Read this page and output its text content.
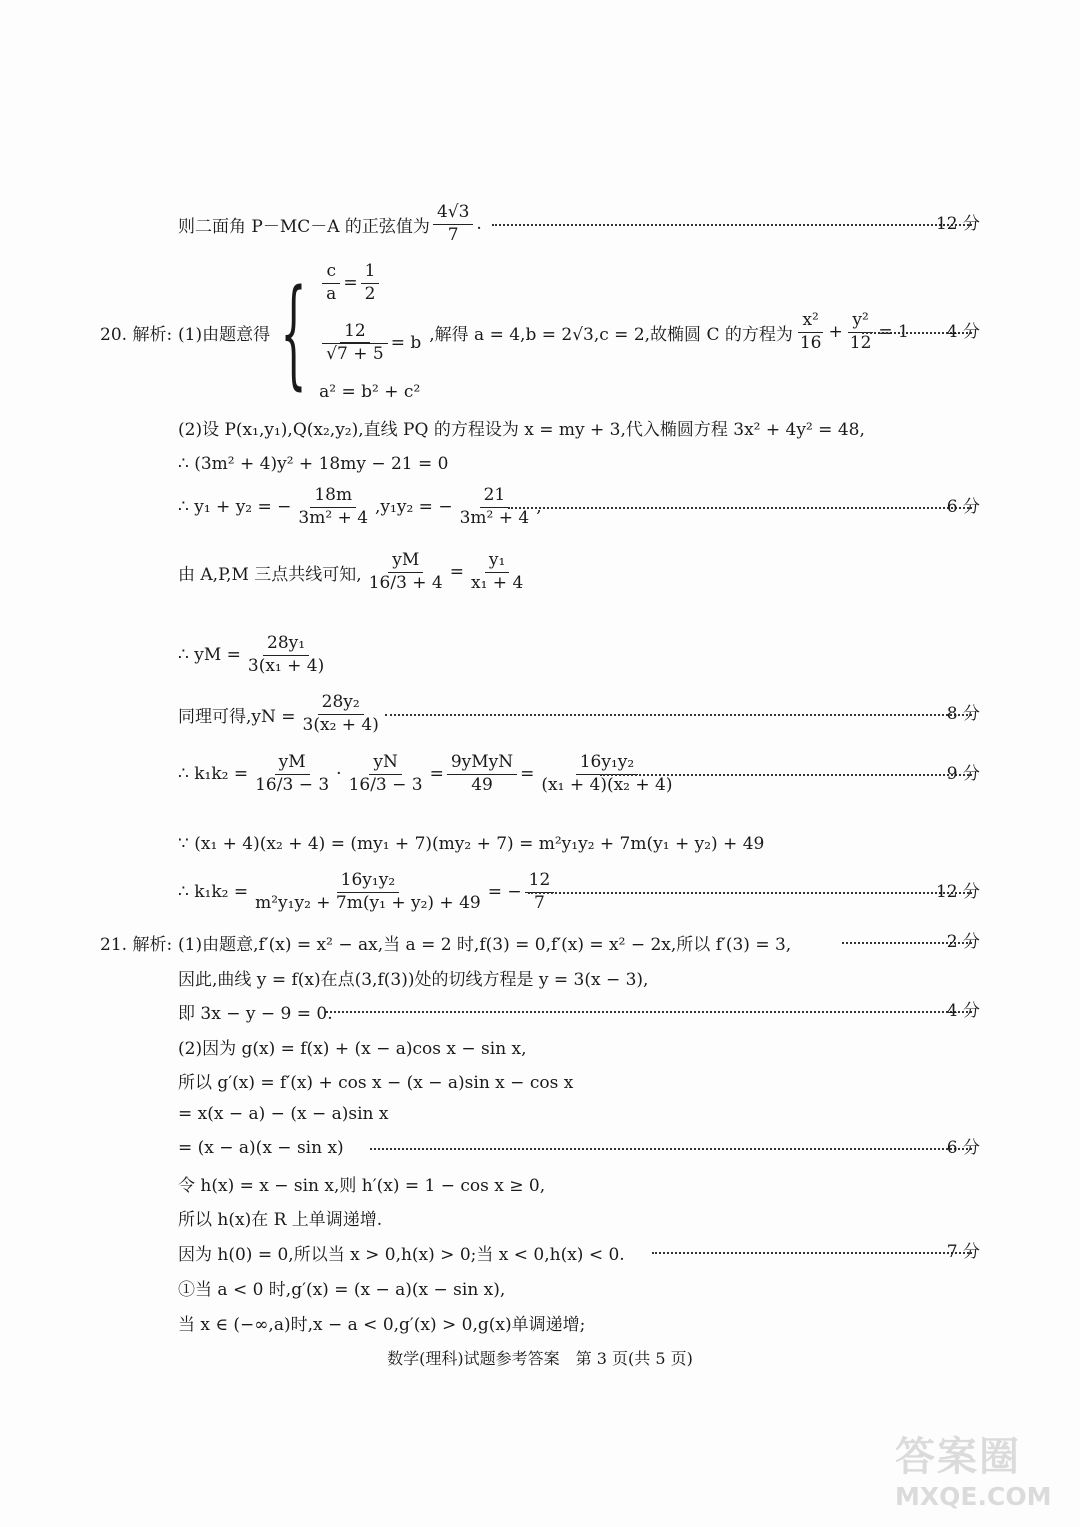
则二面角 P－MC－A 的正弦值为
4√3
7
.	12 分
20. 解析: (1)由题意得 { $\frac{c}{a} = \frac{1}{2}$
$\frac{12}{√7 + 5} = b$
a² = b² + c²
,解得 a = 4,b = 2√3,c = 2,故椭圆 C 的方程为
x²
16
+ $\frac{\text{y²}}{12} = 1$ 4 分
(2)设 P(x₁,y₁),Q(x₂,y₂),直线 PQ 的方程设为 x = my + 3,代入椭圆方程 3x² + 4y² = 48,
∴ (3m² + 4)y² + 18my − 21 = 0
∴ y₁ + y₂ = − $\frac{18m}{\text{3m² + 4}} ,y_1y_2$ = − $\frac{21}{\text{3m² + 4}}$ ,	6 分
由 A,P,M 三点共线可知, $\frac{yM}{16/3 + 4} = \frac{\text{y₁}}{\text{x₁ + 4}}$
∴ yM = $\frac{\text{28y₁}}{\text{3(x₁ + 4)}}$
同理可得$,yN = \frac{\text{28y₂}}{\text{3(x₂ + 4)}}$	8 分
∴ $k_1k_2 = \frac{yM}{16/3 - 3} \cdot \frac{yN}{16/3 - 3}$ =
9yMyN
49
= $\frac{\text{16y₁y₂}}{\text{(x₁ + 4)(x₂ + 4)}}$	9 分
∵ (x₁ + 4)(x₂ + 4) = (my₁ + 7)(my₂ + 7) = m²y₁y₂ + 7m(y₁ + y₂) + 49
∴ $k_1k_2 = \frac{\text{16y₁y₂}}{\text{m²y₁y₂ + 7m(y₁ + y₂) + 49}}$ = − $\frac{12}{7}$	12 分
21. 解析: (1)由题意,f′(x) = x² − ax,当 a = 2 时,f(3) = 0,f′(x) = x² − 2x,所以 f′(3) = 3,	2 分
因此,曲线 y = f(x)在点(3,f(3))处的切线方程是 y = 3(x − 3),
即 3x − y − 9 = 0.	4 分
(2)因为 g(x) = f(x) + (x − a)cos x − sin x,
所以 g′(x) = f′(x) + cos x − (x − a)sin x − cos x
= x(x − a) − (x − a)sin x
= (x − a)(x − sin x)	6 分
令 h(x) = x − sin x,则 h′(x) = 1 − cos x ≥ 0,
所以 h(x)在 R 上单调递增.
因为 h(0) = 0,所以当 x > 0,h(x) > 0;当 x < 0,h(x) < 0.	7 分
①当 a < 0 时,g′(x) = (x − a)(x − sin x),
当 x ∈ (−∞,a)时,x − a < 0,g′(x) > 0,g(x)单调递增;
数学(理科)试题参考答案　第 3 页(共 5 页)
答案圈
MXQE.COM
